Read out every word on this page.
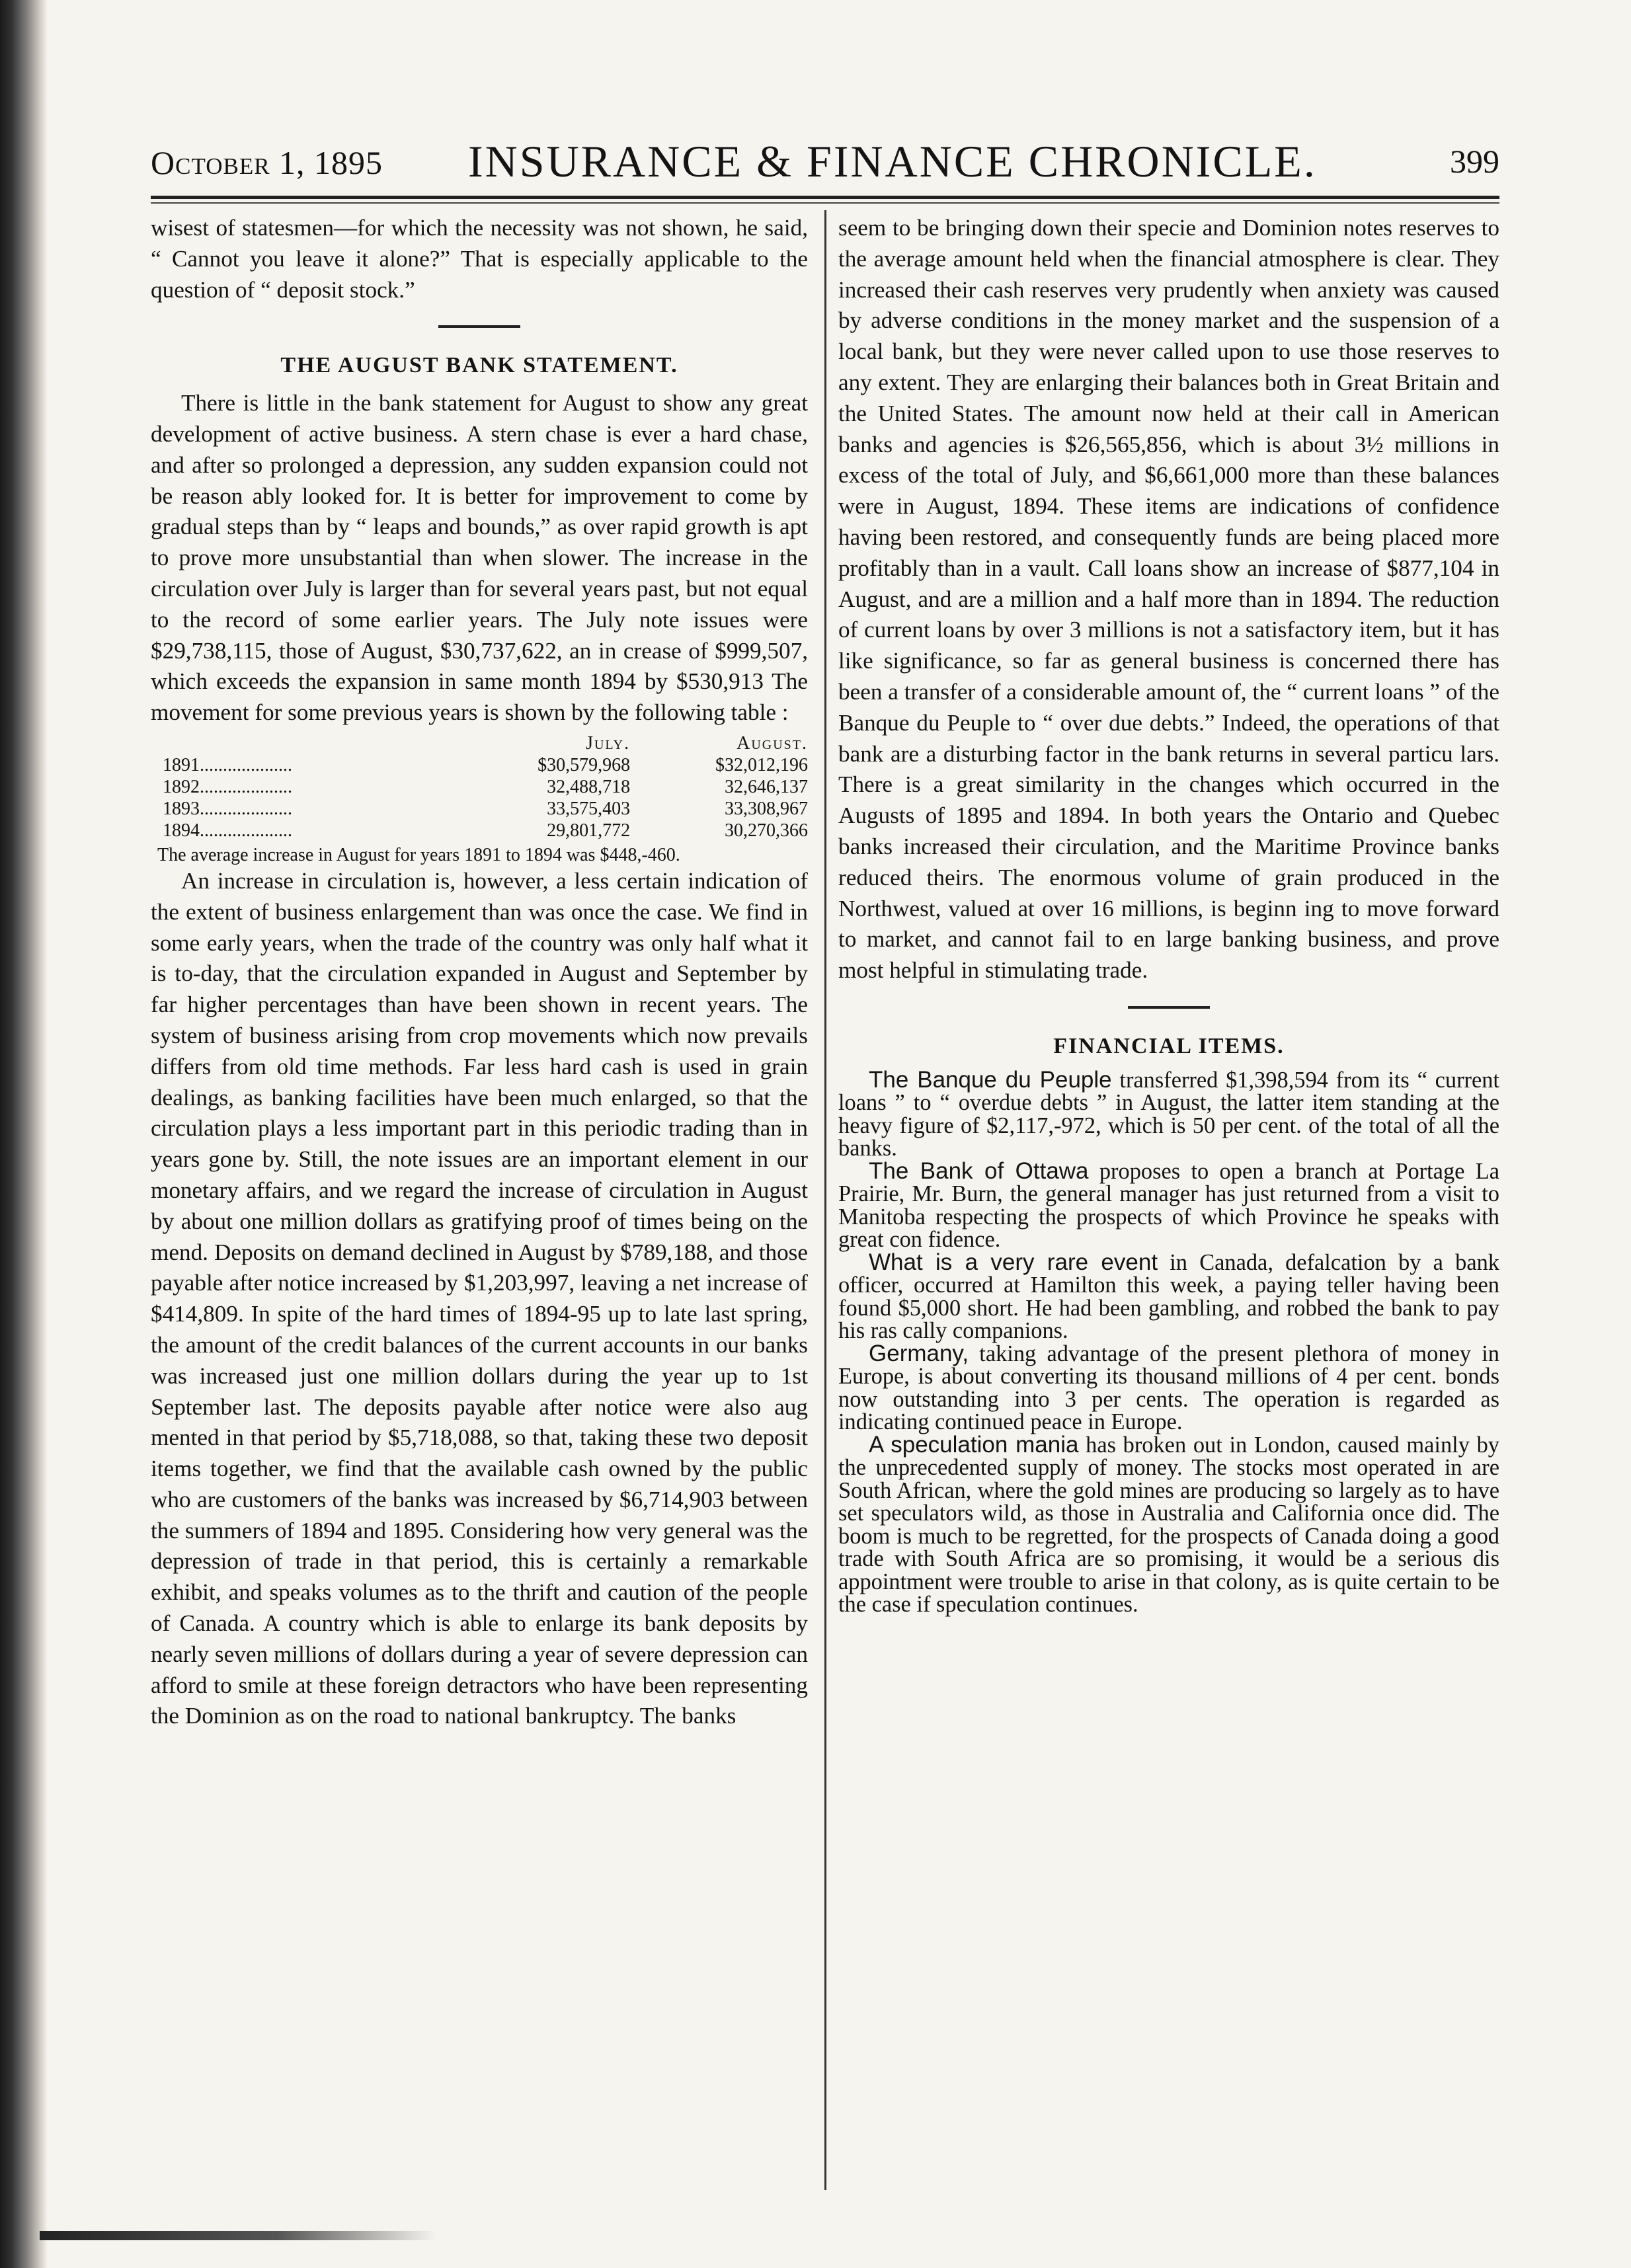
October 1, 1895 INSURANCE & FINANCE CHRONICLE.	399

wisest of statesmen—for which the necessity was not shown, he said, “ Cannot you leave it alone?” That is especially applicable to the question of “ deposit stock.”

THE AUGUST BANK STATEMENT.

There is little in the bank statement for August to show any great development of active business. A stern chase is ever a hard chase, and after so prolonged a depression, any sudden expansion could not be reason ably looked for. It is better for improvement to come by gradual steps than by “ leaps and bounds,” as over rapid growth is apt to prove more unsubstantial than when slower. The increase in the circulation over July is larger than for several years past, but not equal to the record of some earlier years. The July note issues were $29,738,115, those of August, $30,737,622, an in crease of $999,507, which exceeds the expansion in same month 1894 by $530,913 The movement for some previous years is shown by the following table :

July.	August.
1891....................	$30,579,968	$32,012,196
1892....................	32,488,718	32,646,137
1893....................	33,575,403	33,308,967
1894....................	29,801,772	30,270,366

The average increase in August for years 1891 to 1894 was $448,-460.

An increase in circulation is, however, a less certain indication of the extent of business enlargement than was once the case. We find in some early years, when the trade of the country was only half what it is to-day, that the circulation expanded in August and September by far higher percentages than have been shown in recent years. The system of business arising from crop movements which now prevails differs from old time methods. Far less hard cash is used in grain dealings, as banking facilities have been much enlarged, so that the circulation plays a less important part in this periodic trading than in years gone by. Still, the note issues are an important element in our monetary affairs, and we regard the increase of circulation in August by about one million dollars as gratifying proof of times being on the mend. Deposits on demand declined in August by $789,188, and those payable after notice increased by $1,203,997, leaving a net increase of $414,809. In spite of the hard times of 1894-95 up to late last spring, the amount of the credit balances of the current accounts in our banks was increased just one million dollars during the year up to 1st September last. The deposits payable after notice were also aug mented in that period by $5,718,088, so that, taking these two deposit items together, we find that the available cash owned by the public who are customers of the banks was increased by $6,714,903 between the summers of 1894 and 1895. Considering how very general was the depression of trade in that period, this is certainly a remarkable exhibit, and speaks volumes as to the thrift and caution of the people of Canada. A country which is able to enlarge its bank deposits by nearly seven millions of dollars during a year of severe depression can afford to smile at these foreign detractors who have been representing the Dominion as on the road to national bankruptcy. The banks

seem to be bringing down their specie and Dominion notes reserves to the average amount held when the financial atmosphere is clear. They increased their cash reserves very prudently when anxiety was caused by adverse conditions in the money market and the suspension of a local bank, but they were never called upon to use those reserves to any extent. They are enlarging their balances both in Great Britain and the United States. The amount now held at their call in American banks and agencies is $26,565,856, which is about 3½ millions in excess of the total of July, and $6,661,000 more than these balances were in August, 1894. These items are indications of confidence having been restored, and consequently funds are being placed more profitably than in a vault. Call loans show an increase of $877,104 in August, and are a million and a half more than in 1894. The reduction of current loans by over 3 millions is not a satisfactory item, but it has like significance, so far as general business is concerned there has been a transfer of a considerable amount of, the “ current loans ” of the Banque du Peuple to “ over due debts.” Indeed, the operations of that bank are a disturbing factor in the bank returns in several particu lars. There is a great similarity in the changes which occurred in the Augusts of 1895 and 1894. In both years the Ontario and Quebec banks increased their circulation, and the Maritime Province banks reduced theirs. The enormous volume of grain produced in the Northwest, valued at over 16 millions, is beginn ing to move forward to market, and cannot fail to en large banking business, and prove most helpful in stimulating trade.

FINANCIAL ITEMS.

The Banque du Peuple transferred $1,398,594 from its “ current loans ” to “ overdue debts ” in August, the latter item standing at the heavy figure of $2,117,-972, which is 50 per cent. of the total of all the banks.

The Bank of Ottawa proposes to open a branch at Portage La Prairie, Mr. Burn, the general manager has just returned from a visit to Manitoba respecting the prospects of which Province he speaks with great con fidence.

What is a very rare event in Canada, defalcation by a bank officer, occurred at Hamilton this week, a paying teller having been found $5,000 short. He had been gambling, and robbed the bank to pay his ras cally companions.

Germany, taking advantage of the present plethora of money in Europe, is about converting its thousand millions of 4 per cent. bonds now outstanding into 3 per cents. The operation is regarded as indicating continued peace in Europe.

A speculation mania has broken out in London, caused mainly by the unprecedented supply of money. The stocks most operated in are South African, where the gold mines are producing so largely as to have set speculators wild, as those in Australia and California once did. The boom is much to be regretted, for the prospects of Canada doing a good trade with South Africa are so promising, it would be a serious dis appointment were trouble to arise in that colony, as is quite certain to be the case if speculation continues.
